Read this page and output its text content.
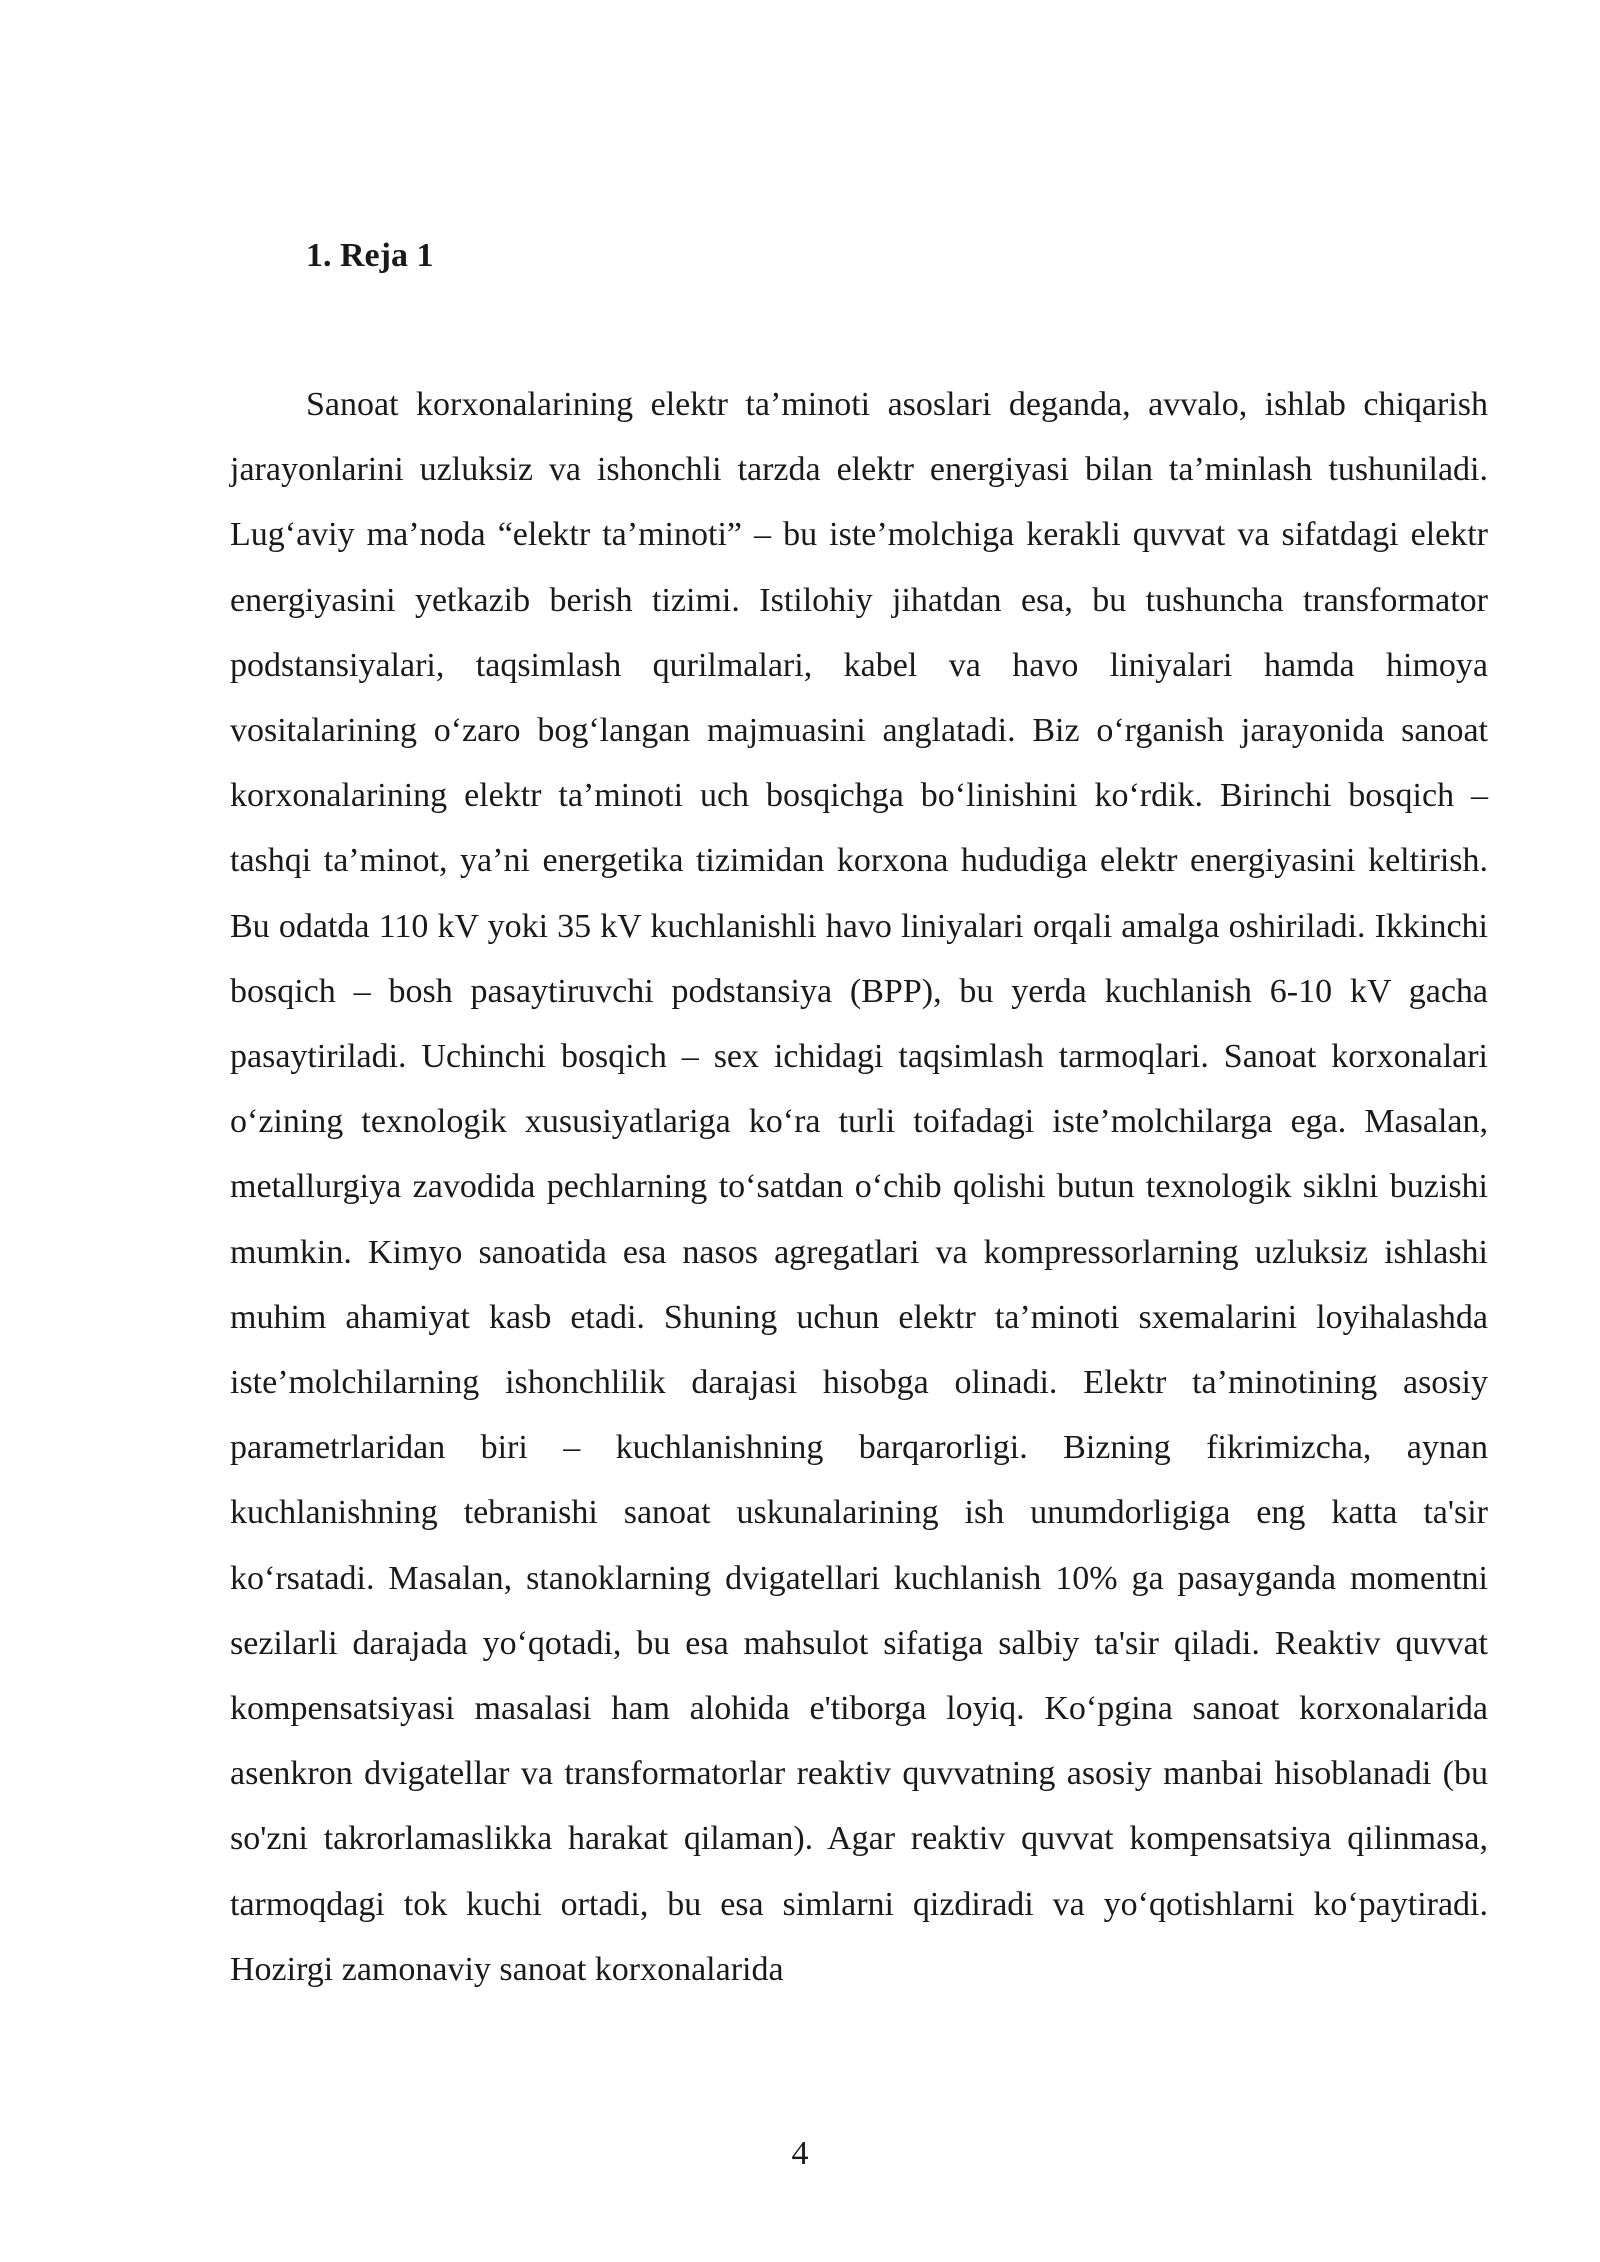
1. Reja 1

Sanoat korxonalarining elektr ta’minoti asoslari deganda, avvalo, ishlab chiqarish jarayonlarini uzluksiz va ishonchli tarzda elektr energiyasi bilan ta’minlash tushuniladi. Lug‘aviy ma’noda “elektr ta’minoti” – bu iste’molchiga kerakli quvvat va sifatdagi elektr energiyasini yetkazib berish tizimi. Istilohiy jihatdan esa, bu tushuncha transformator podstansiyalari, taqsimlash qurilmalari, kabel va havo liniyalari hamda himoya vositalarining o‘zaro bog‘langan majmuasini anglatadi. Biz o‘rganish jarayonida sanoat korxonalarining elektr ta’minoti uch bosqichga bo‘linishini ko‘rdik. Birinchi bosqich – tashqi ta’minot, ya’ni energetika tizimidan korxona hududiga elektr energiyasini keltirish. Bu odatda 110 kV yoki 35 kV kuchlanishli havo liniyalari orqali amalga oshiriladi. Ikkinchi bosqich – bosh pasaytiruvchi podstansiya (BPP), bu yerda kuchlanish 6-10 kV gacha pasaytiriladi. Uchinchi bosqich – sex ichidagi taqsimlash tarmoqlari. Sanoat korxonalari o‘zining texnologik xususiyatlariga ko‘ra turli toifadagi iste’molchilarga ega. Masalan, metallurgiya zavodida pechlarning to‘satdan o‘chib qolishi butun texnologik siklni buzishi mumkin. Kimyo sanoatida esa nasos agregatlari va kompressorlarning uzluksiz ishlashi muhim ahamiyat kasb etadi. Shuning uchun elektr ta’minoti sxemalarini loyihalashda iste’molchilarning ishonchlilik darajasi hisobga olinadi. Elektr ta’minotining asosiy parametrlaridan biri – kuchlanishning barqarorligi. Bizning fikrimizcha, aynan kuchlanishning tebranishi sanoat uskunalarining ish unumdorligiga eng katta ta'sir ko‘rsatadi. Masalan, stanoklarning dvigatellari kuchlanish 10% ga pasayganda momentni sezilarli darajada yo‘qotadi, bu esa mahsulot sifatiga salbiy ta'sir qiladi. Reaktiv quvvat kompensatsiyasi masalasi ham alohida e'tiborga loyiq. Ko‘pgina sanoat korxonalarida asenkron dvigatellar va transformatorlar reaktiv quvvatning asosiy manbai hisoblanadi (bu so'zni takrorlamaslikka harakat qilaman). Agar reaktiv quvvat kompensatsiya qilinmasa, tarmoqdagi tok kuchi ortadi, bu esa simlarni qizdiradi va yo‘qotishlarni ko‘paytiradi. Hozirgi zamonaviy sanoat korxonalarida

4
